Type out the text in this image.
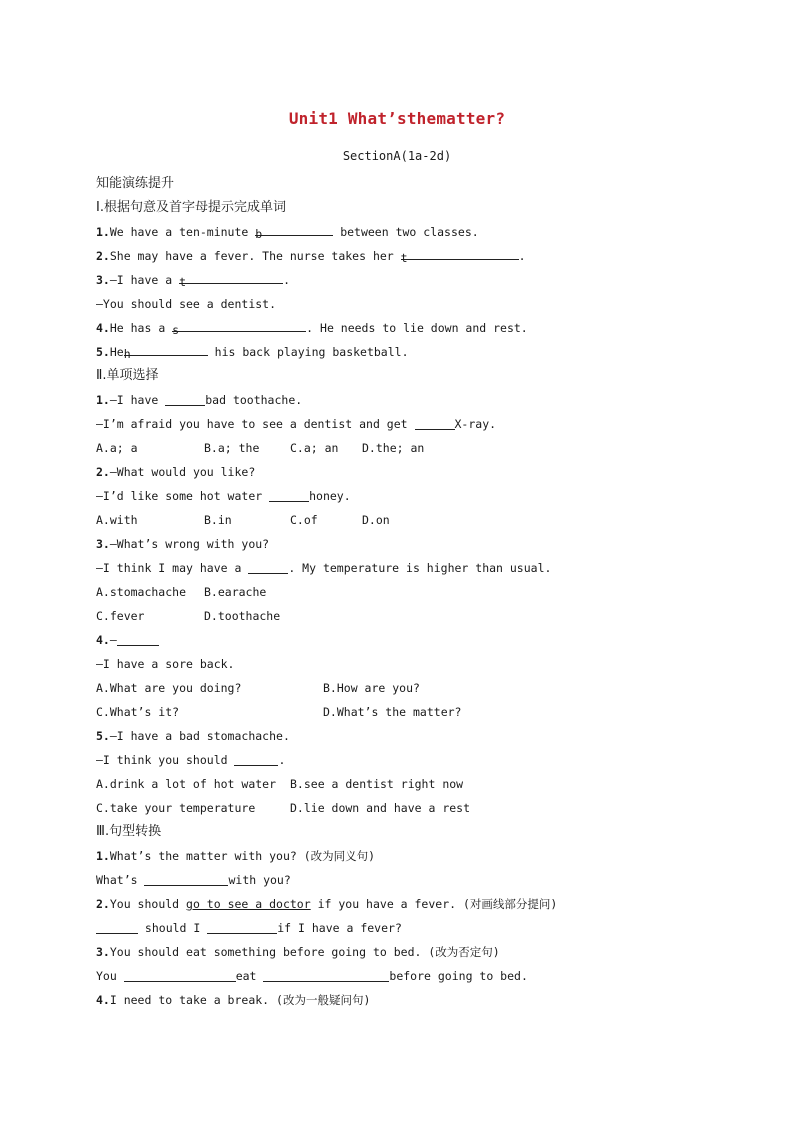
Unit1 What’sthematter?
SectionA(1a-2d)
知能演练提升
Ⅰ.根据句意及首字母提示完成单词
1.We have a ten-minute b	between two classes.
2.She may have a fever. The nurse takes her t	.
3.—I have a t	.
—You should see a dentist.
4.He has a s	. He needs to lie down and rest.
5.Heh	his back playing basketball.
Ⅱ.单项选择
1.—I have	bad toothache.
—I’m afraid you have to see a dentist and get	X-ray.
A.a; a	B.a; the	C.a; an	D.the; an
2.—What would you like?
—I’d like some hot water	honey.
A.with	B.in	C.of	D.on
3.—What’s wrong with you?
—I think I may have a	. My temperature is higher than usual.
A.stomachache	B.earache
C.fever	D.toothache
4.—
—I have a sore back.
A.What are you doing?	B.How are you?
C.What’s it?	D.What’s the matter?
5.—I have a bad stomachache.
—I think you should	.
A.drink a lot of hot water	B.see a dentist right now
C.take your temperature	D.lie down and have a rest
Ⅲ.句型转换
1.What’s the matter with you? (改为同义句)
What’s	with you?
2.You should go to see a doctor if you have a fever. (对画线部分提问)
should I	if I have a fever?
3.You should eat something before going to bed. (改为否定句)
You	eat	before going to bed.
4.I need to take a break. (改为一般疑问句)
